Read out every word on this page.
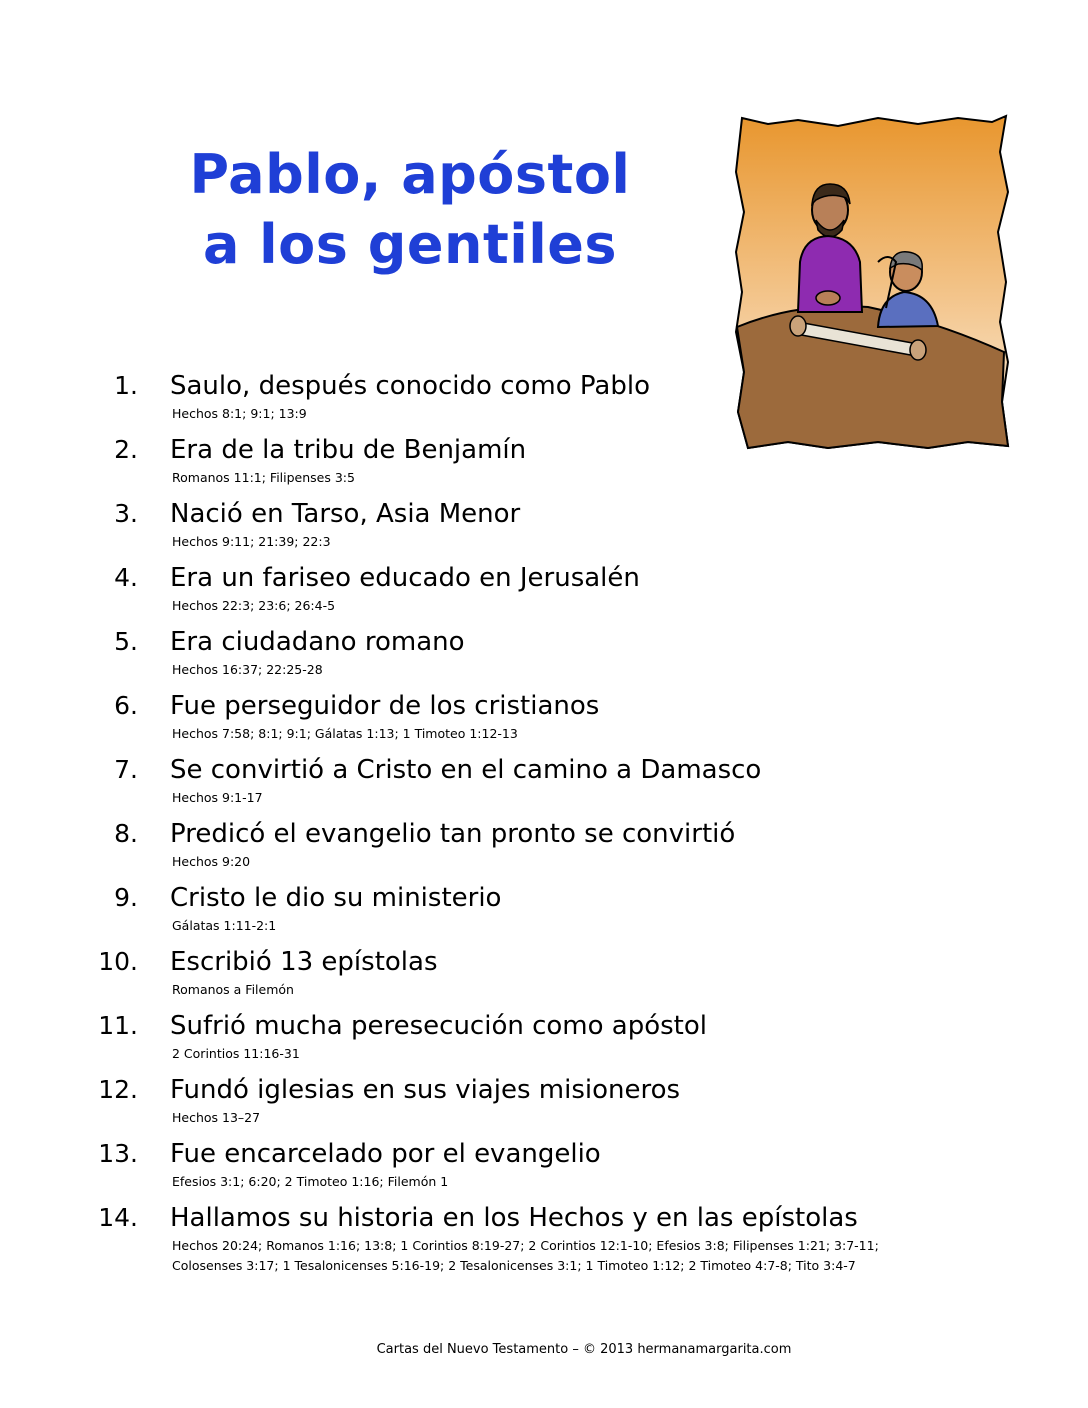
Pablo, apóstol
a los gentiles
1. Saulo, después conocido como Pablo
Hechos 8:1; 9:1; 13:9
2. Era de la tribu de Benjamín
Romanos 11:1; Filipenses 3:5
3. Nació en Tarso, Asia Menor
Hechos 9:11; 21:39; 22:3
4. Era un fariseo educado en Jerusalén
Hechos 22:3; 23:6; 26:4-5
5. Era ciudadano romano
Hechos 16:37; 22:25-28
6. Fue perseguidor de los cristianos
Hechos 7:58; 8:1; 9:1; Gálatas 1:13; 1 Timoteo 1:12-13
7. Se convirtió a Cristo en el camino a Damasco
Hechos 9:1-17
8. Predicó el evangelio tan pronto se convirtió
Hechos 9:20
9. Cristo le dio su ministerio
Gálatas 1:11-2:1
10. Escribió 13 epístolas
Romanos a Filemón
11. Sufrió mucha peresecución como apóstol
2 Corintios 11:16-31
12. Fundó iglesias en sus viajes misioneros
Hechos 13–27
13. Fue encarcelado por el evangelio
Efesios 3:1; 6:20; 2 Timoteo 1:16; Filemón 1
14. Hallamos su historia en los Hechos y en las epístolas
Hechos 20:24; Romanos 1:16; 13:8; 1 Corintios 8:19-27; 2 Corintios 12:1-10; Efesios 3:8; Filipenses 1:21; 3:7-11; Colosenses 3:17; 1 Tesalonicenses 5:16-19; 2 Tesalonicenses 3:1; 1 Timoteo 1:12; 2 Timoteo 4:7-8; Tito 3:4-7
Cartas del Nuevo Testamento – © 2013 hermanamargarita.com
